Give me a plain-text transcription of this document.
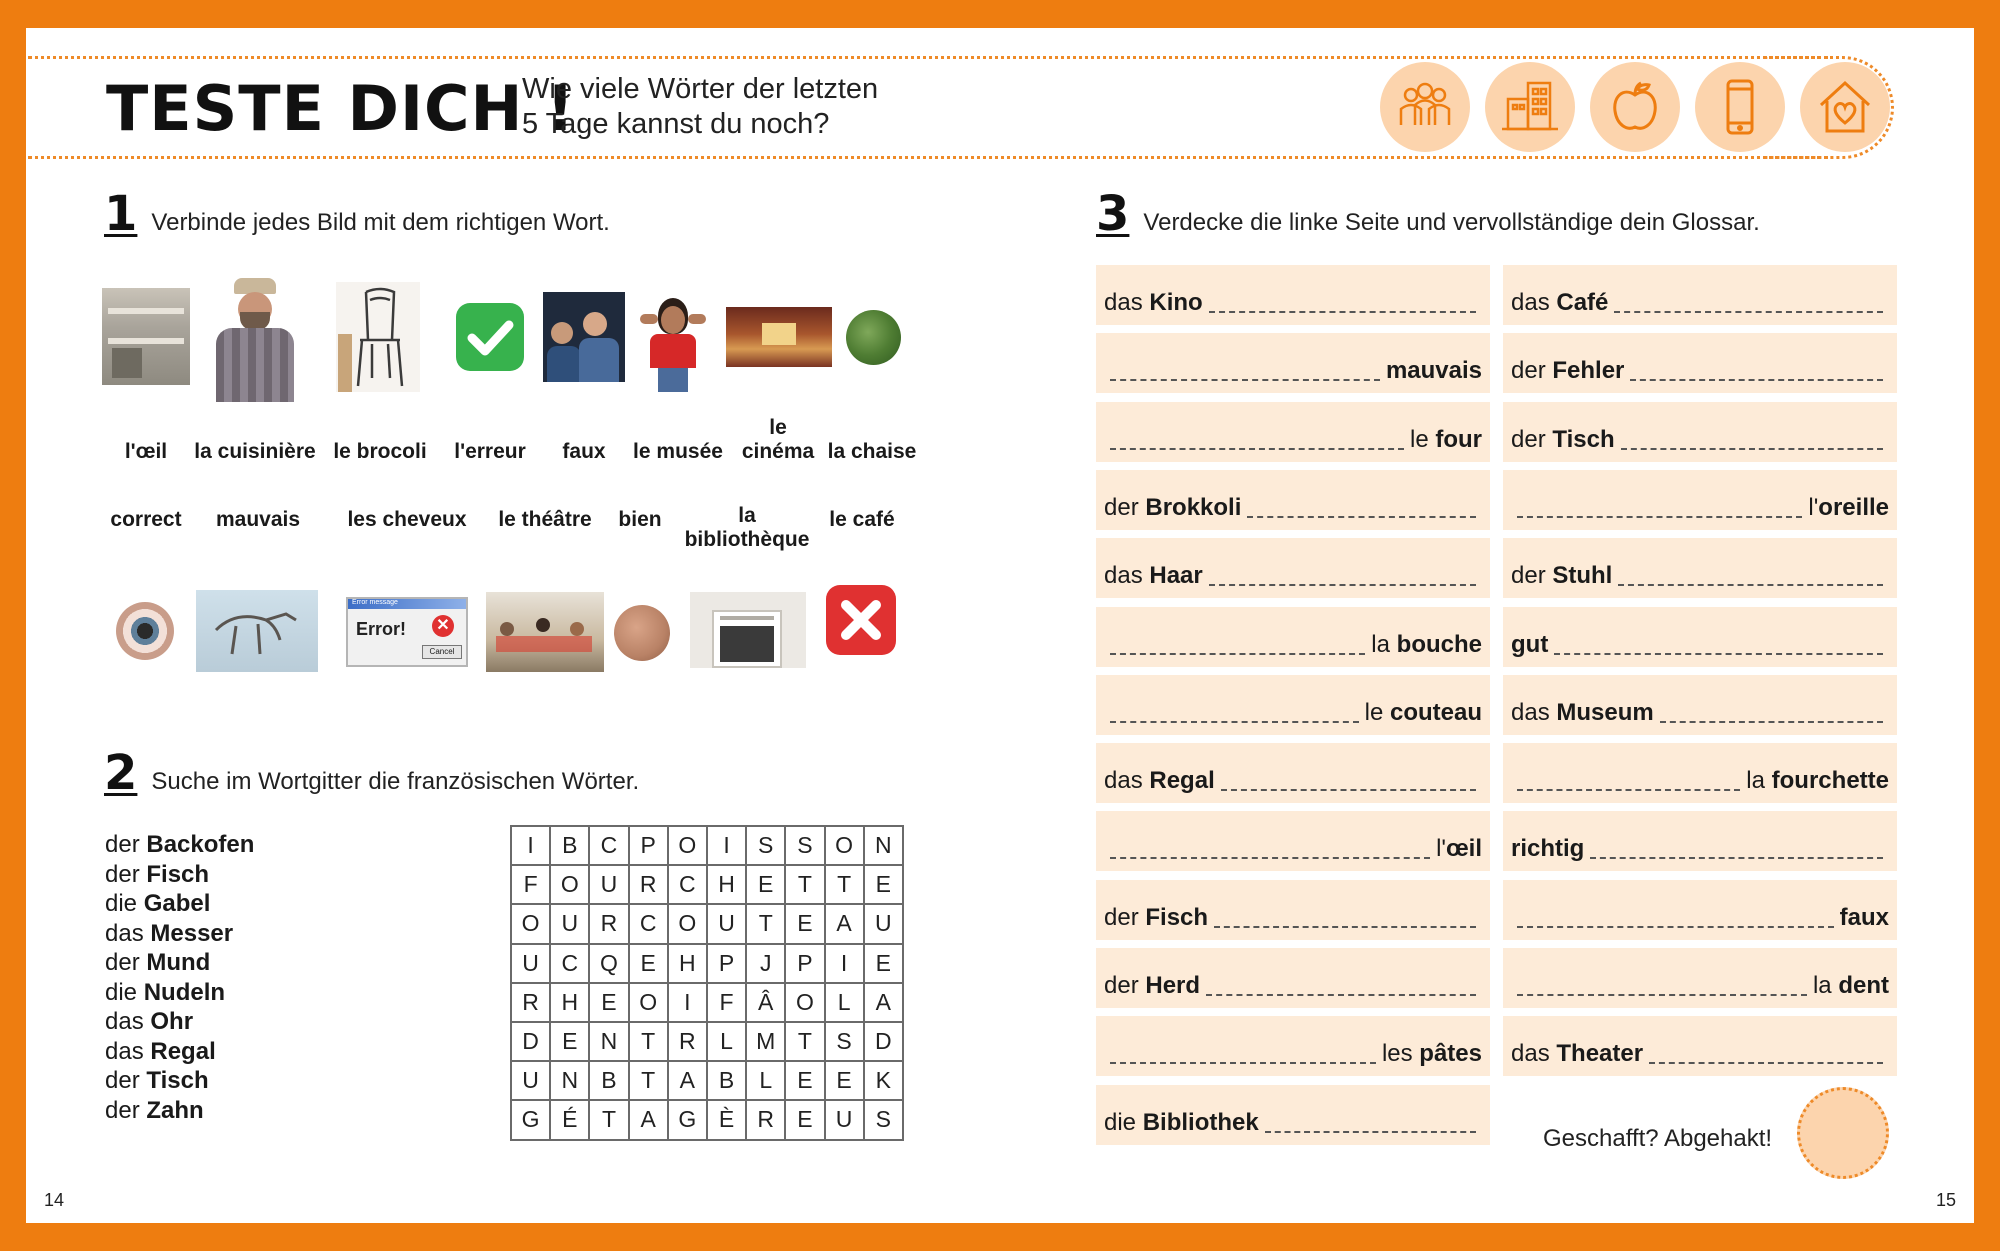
TESTE DICH !
Wie viele Wörter der letzten
5 Tage kannst du noch?
1 Verbinde jedes Bild mit dem richtigen Wort.
l'œil	la cuisinière le brocoli	l'erreur	faux	le musée
le cinéma la chaise
correct	mauvais	les cheveux	le théâtre	bien	la bibliothèque
le café
Error message
Error! ✕
Cancel
2 Suche im Wortgitter die französischen Wörter.
der Backofen
der Fisch
die Gabel
das Messer
der Mund
die Nudeln
das Ohr
das Regal
der Tisch
der Zahn
I	B	C	P	O	I	S	S	O	N
F	O	U	R	C	H	E	T	T	E
O	U	R	C	O	U	T	E	A	U
U	C	Q	E	H	P	J	P	I	E
R	H	E	O	I	F	Â	O	L	A
D	E	N	T	R	L	M	T	S	D
U	N	B	T	A	B	L	E	E	K
G	É	T	A	G	È	R	E	U	S
3 Verdecke die linke Seite und vervollständige dein Glossar.
das Kino
mauvais
le four
der Brokkoli
das Haar
la bouche
le couteau
das Regal
l'œil
der Fisch
der Herd
les pâtes
die Bibliothek
das Café
der Fehler
der Tisch
l'oreille
der Stuhl
gut
das Museum
la fourchette
richtig
faux
la dent
das Theater
Geschafft? Abgehakt!
14	15
